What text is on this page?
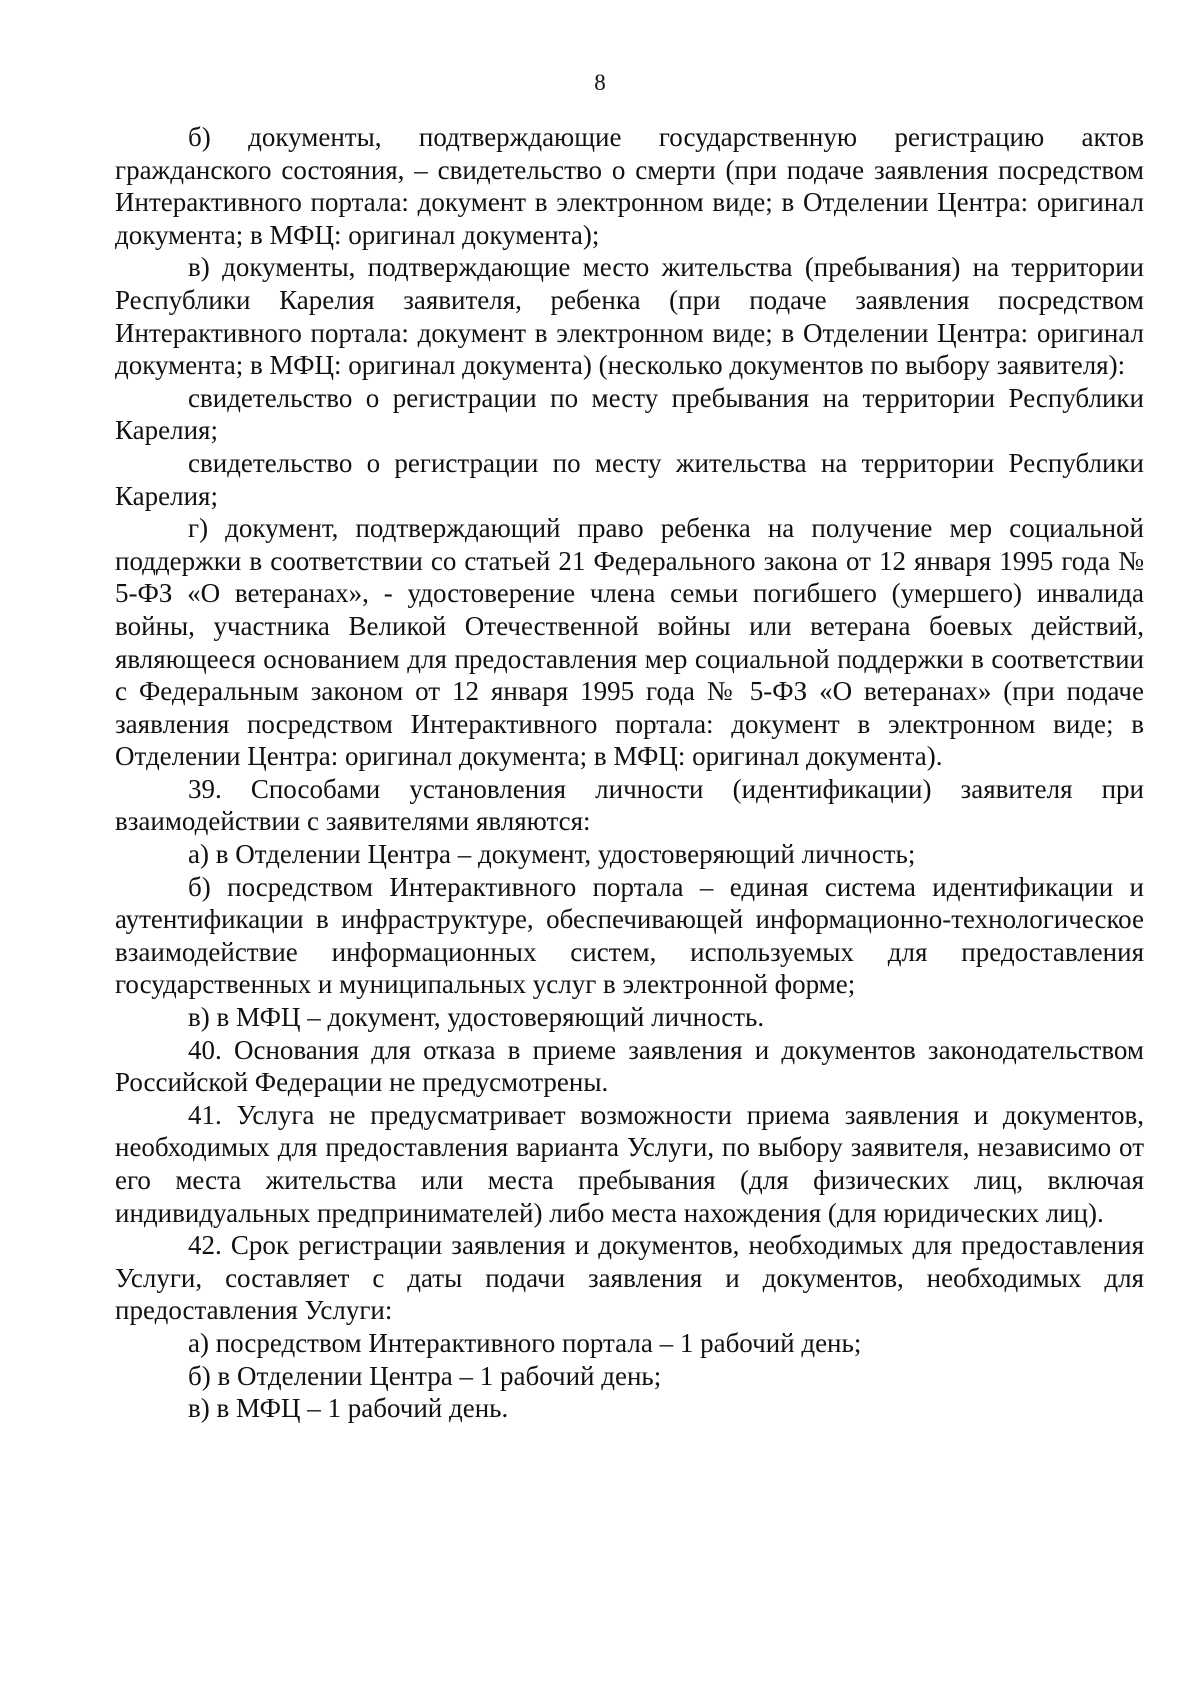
8

б) документы, подтверждающие государственную регистрацию актов гражданского состояния, – свидетельство о смерти (при подаче заявления посредством Интерактивного портала: документ в электронном виде; в Отделении Центра: оригинал документа; в МФЦ: оригинал документа);

в) документы, подтверждающие место жительства (пребывания) на территории Республики Карелия заявителя, ребенка (при подаче заявления посредством Интерактивного портала: документ в электронном виде; в Отделении Центра: оригинал документа; в МФЦ: оригинал документа) (несколько документов по выбору заявителя):

свидетельство о регистрации по месту пребывания на территории Республики Карелия;

свидетельство о регистрации по месту жительства на территории Республики Карелия;

г) документ, подтверждающий право ребенка на получение мер социальной поддержки в соответствии со статьей 21 Федерального закона от 12 января 1995 года № 5-ФЗ «О ветеранах», - удостоверение члена семьи погибшего (умершего) инвалида войны, участника Великой Отечественной войны или ветерана боевых действий, являющееся основанием для предоставления мер социальной поддержки в соответствии с Федеральным законом от 12 января 1995 года № 5-ФЗ «О ветеранах» (при подаче заявления посредством Интерактивного портала: документ в электронном виде; в Отделении Центра: оригинал документа; в МФЦ: оригинал документа).

39. Способами установления личности (идентификации) заявителя при взаимодействии с заявителями являются:

а) в Отделении Центра – документ, удостоверяющий личность;

б) посредством Интерактивного портала – единая система идентификации и аутентификации в инфраструктуре, обеспечивающей информационно-технологическое взаимодействие информационных систем, используемых для предоставления государственных и муниципальных услуг в электронной форме;

в) в МФЦ – документ, удостоверяющий личность.

40. Основания для отказа в приеме заявления и документов законодательством Российской Федерации не предусмотрены.

41. Услуга не предусматривает возможности приема заявления и документов, необходимых для предоставления варианта Услуги, по выбору заявителя, независимо от его места жительства или места пребывания (для физических лиц, включая индивидуальных предпринимателей) либо места нахождения (для юридических лиц).

42. Срок регистрации заявления и документов, необходимых для предоставления Услуги, составляет с даты подачи заявления и документов, необходимых для предоставления Услуги:

а) посредством Интерактивного портала – 1 рабочий день;

б) в Отделении Центра – 1 рабочий день;

в) в МФЦ – 1 рабочий день.
